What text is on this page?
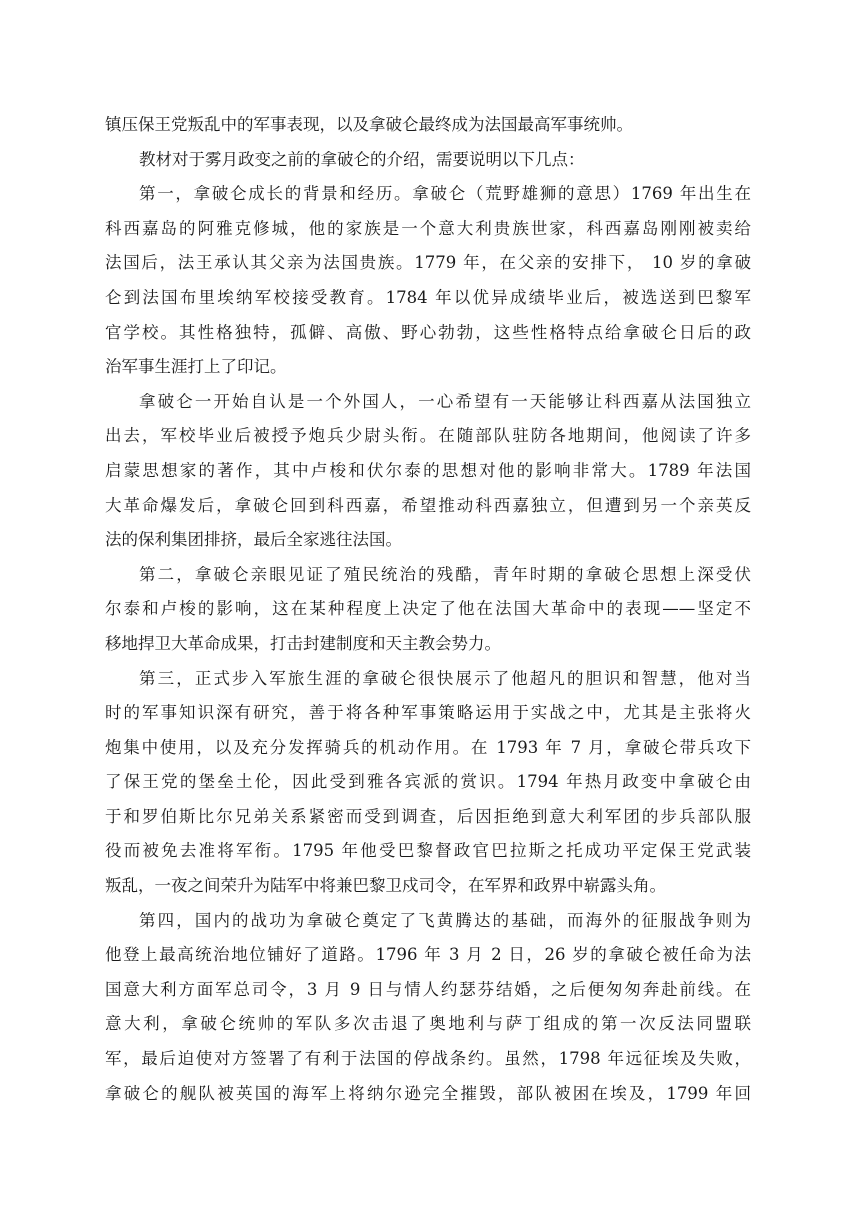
镇压保王党叛乱中的军事表现，以及拿破仑最终成为法国最高军事统帅。
教材对于雾月政变之前的拿破仑的介绍，需要说明以下几点：
第一，拿破仑成长的背景和经历。拿破仑（荒野雄狮的意思）1769 年出生在
科西嘉岛的阿雅克修城，他的家族是一个意大利贵族世家，科西嘉岛刚刚被卖给
法国后，法王承认其父亲为法国贵族。1779 年，在父亲的安排下， 10 岁的拿破
仑到法国布里埃纳军校接受教育。1784 年以优异成绩毕业后，被选送到巴黎军
官学校。其性格独特，孤僻、高傲、野心勃勃，这些性格特点给拿破仑日后的政
治军事生涯打上了印记。
拿破仑一开始自认是一个外国人，一心希望有一天能够让科西嘉从法国独立
出去，军校毕业后被授予炮兵少尉头衔。在随部队驻防各地期间，他阅读了许多
启蒙思想家的著作，其中卢梭和伏尔泰的思想对他的影响非常大。1789 年法国
大革命爆发后，拿破仑回到科西嘉，希望推动科西嘉独立，但遭到另一个亲英反
法的保利集团排挤，最后全家逃往法国。
第二，拿破仑亲眼见证了殖民统治的残酷，青年时期的拿破仑思想上深受伏
尔泰和卢梭的影响，这在某种程度上决定了他在法国大革命中的表现——坚定不
移地捍卫大革命成果，打击封建制度和天主教会势力。
第三，正式步入军旅生涯的拿破仑很快展示了他超凡的胆识和智慧，他对当
时的军事知识深有研究，善于将各种军事策略运用于实战之中，尤其是主张将火
炮集中使用，以及充分发挥骑兵的机动作用。在 1793 年 7 月，拿破仑带兵攻下
了保王党的堡垒土伦，因此受到雅各宾派的赏识。1794 年热月政变中拿破仑由
于和罗伯斯比尔兄弟关系紧密而受到调查，后因拒绝到意大利军团的步兵部队服
役而被免去准将军衔。1795 年他受巴黎督政官巴拉斯之托成功平定保王党武装
叛乱，一夜之间荣升为陆军中将兼巴黎卫戍司令，在军界和政界中崭露头角。
第四，国内的战功为拿破仑奠定了飞黄腾达的基础，而海外的征服战争则为
他登上最高统治地位铺好了道路。1796 年 3 月 2 日，26 岁的拿破仑被任命为法
国意大利方面军总司令，3 月 9 日与情人约瑟芬结婚，之后便匆匆奔赴前线。在
意大利，拿破仑统帅的军队多次击退了奥地利与萨丁组成的第一次反法同盟联
军，最后迫使对方签署了有利于法国的停战条约。虽然，1798 年远征埃及失败，
拿破仑的舰队被英国的海军上将纳尔逊完全摧毁，部队被困在埃及，1799 年回
